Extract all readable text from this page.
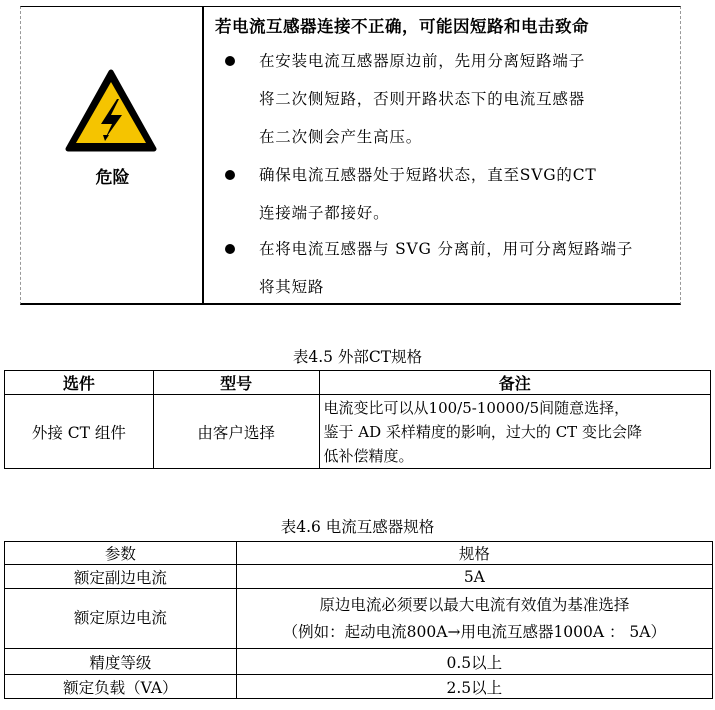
危险
若电流互感器连接不正确，可能因短路和电击致命
在安装电流互感器原边前，先用分离短路端子
将二次侧短路，否则开路状态下的电流互感器
在二次侧会产生高压。
确保电流互感器处于短路状态，直至SVG的CT
连接端子都接好。
在将电流互感器与 SVG 分离前，用可分离短路端子
将其短路
表4.5 外部CT规格
选件	型号	备注
外接 CT 组件	由客户选择	电流变比可以从100/5-10000/5间随意选择，
鉴于 AD 采样精度的影响，过大的 CT 变比会降
低补偿精度。
表4.6 电流互感器规格
参数	规格
额定副边电流	5A
额定原边电流	原边电流必须要以最大电流有效值为基准选择
（例如：起动电流800A→用电流互感器1000A ： 5A）

精度等级	0.5以上
额定负载（VA）	2.5以上
